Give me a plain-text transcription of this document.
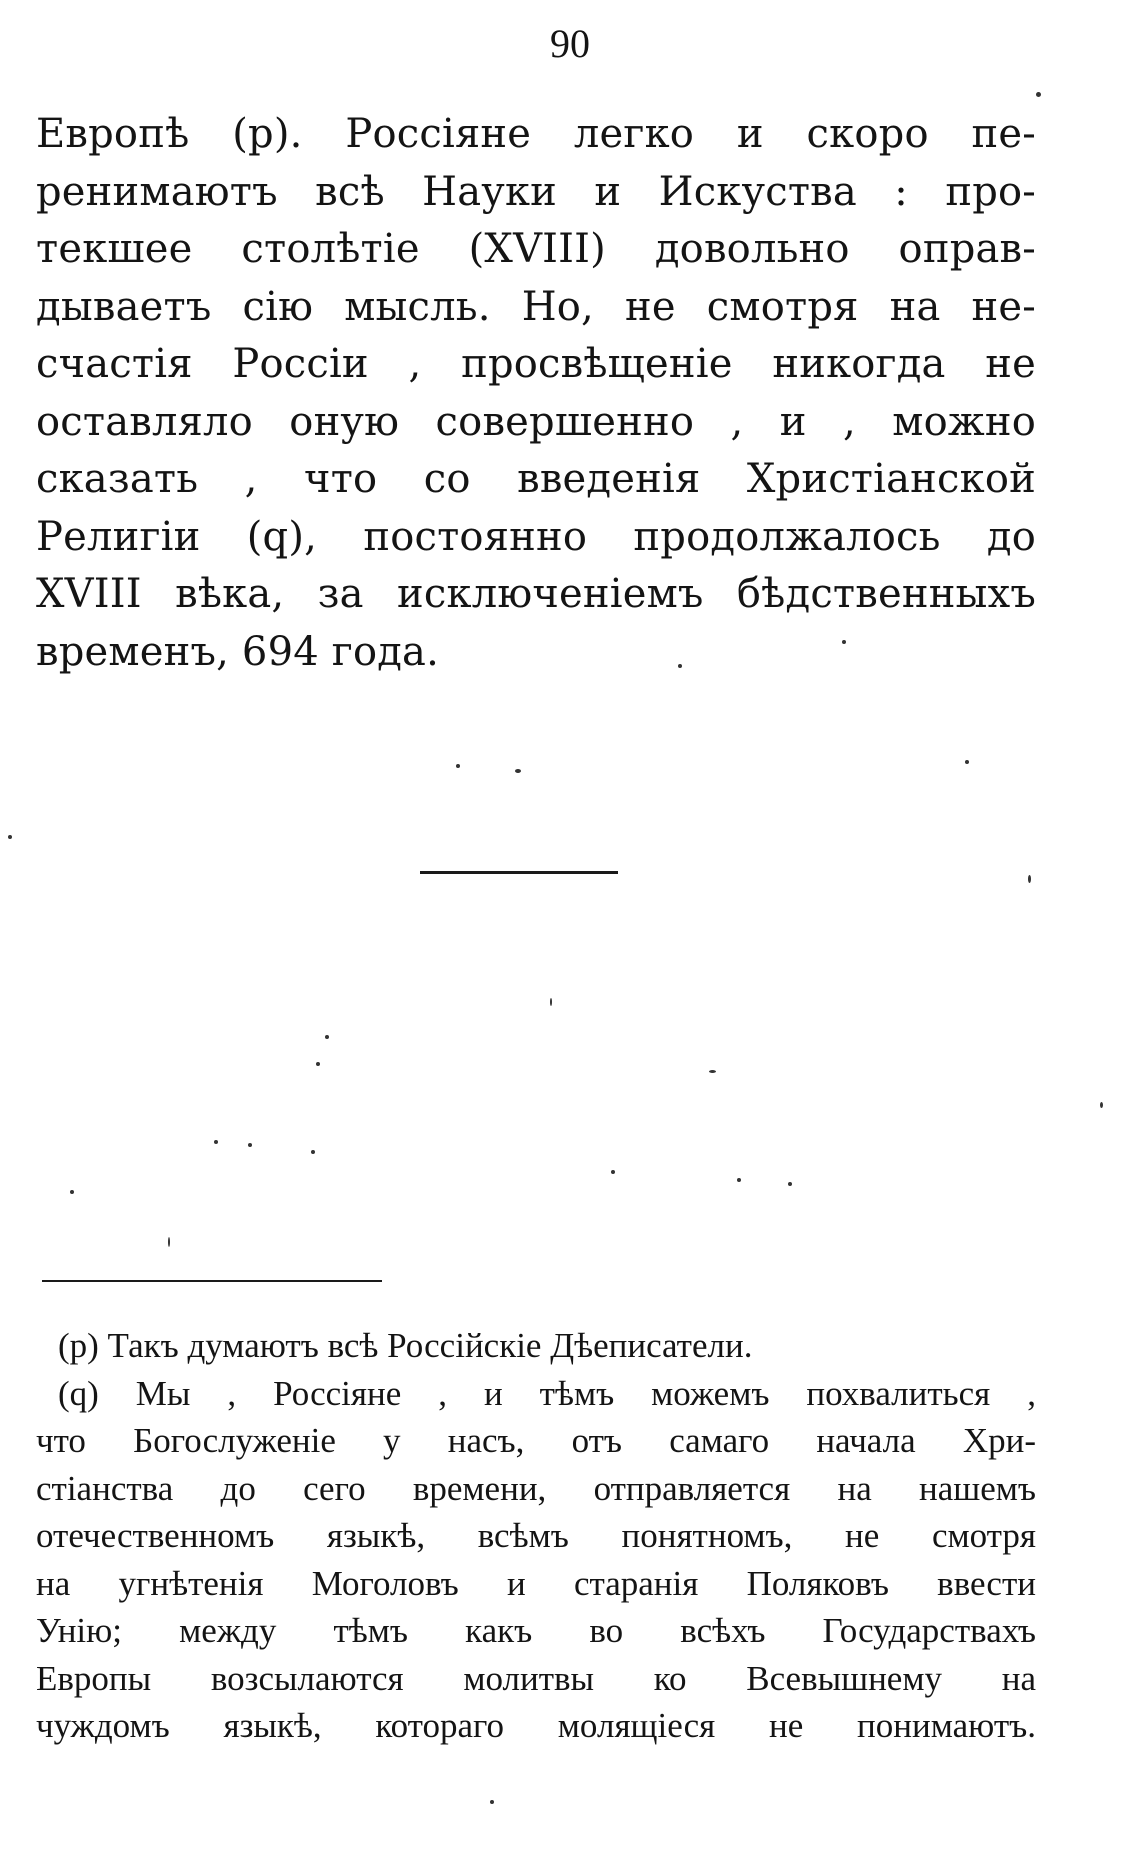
90
Европѣ (р). Россіяне легко и скоро пе-
ренимаютъ всѣ Науки и Искуства : про-
текшее столѣтіе (XVIII) довольно оправ-
дываетъ сію мысль. Но, не смотря на не-
счастія Россіи , просвѣщеніе никогда не
оставляло оную совершенно , и , можно
сказать , что со введенія Христіанской
Религіи (q), постоянно продолжалось до
XVIII вѣка, за исключеніемъ бѣдственныхъ
временъ, 694 года.
(р) Такъ думаютъ всѣ Россійскіе Дѣеписатели.
(q) Мы , Россіяне , и тѣмъ можемъ похвалиться ,
что Богослуженіе у насъ, отъ самаго начала Хри-
стіанства до сего времени, отправляется на нашемъ
отечественномъ языкѣ, всѣмъ понятномъ, не смотря
на угнѣтенія Моголовъ и старанія Поляковъ ввести
Унію; между тѣмъ какъ во всѣхъ Государствахъ
Европы возсылаются молитвы ко Всевышнему на
чуждомъ языкѣ, котораго молящіеся не понимаютъ.
